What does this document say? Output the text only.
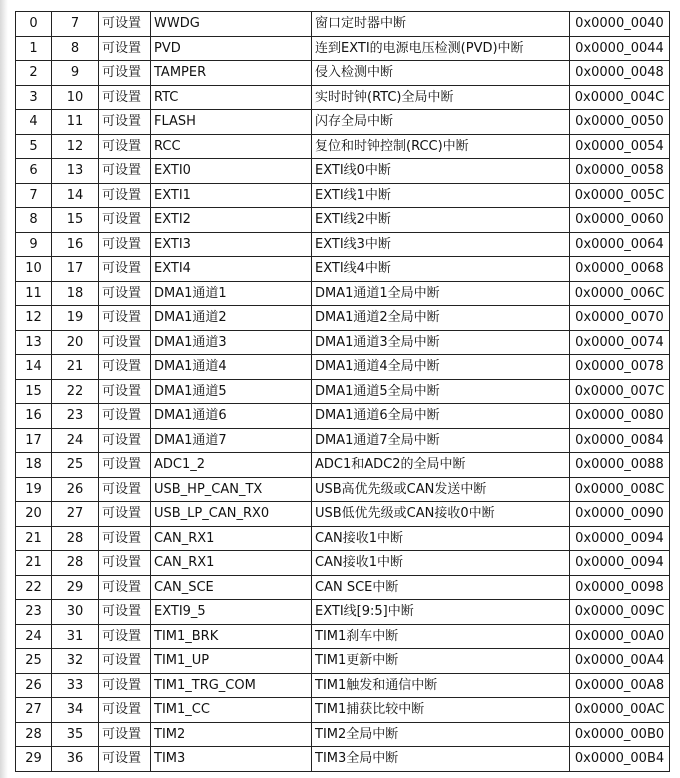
0	7	可设置	WWDG	窗口定时器中断	0x0000_0040
1	8	可设置	PVD	连到EXTI的电源电压检测(PVD)中断	0x0000_0044
2	9	可设置	TAMPER	侵入检测中断	0x0000_0048
3	10	可设置	RTC	实时时钟(RTC)全局中断	0x0000_004C
4	11	可设置	FLASH	闪存全局中断	0x0000_0050
5	12	可设置	RCC	复位和时钟控制(RCC)中断	0x0000_0054
6	13	可设置	EXTI0	EXTI线0中断	0x0000_0058
7	14	可设置	EXTI1	EXTI线1中断	0x0000_005C
8	15	可设置	EXTI2	EXTI线2中断	0x0000_0060
9	16	可设置	EXTI3	EXTI线3中断	0x0000_0064
10	17	可设置	EXTI4	EXTI线4中断	0x0000_0068
11	18	可设置	DMA1通道1	DMA1通道1全局中断	0x0000_006C
12	19	可设置	DMA1通道2	DMA1通道2全局中断	0x0000_0070
13	20	可设置	DMA1通道3	DMA1通道3全局中断	0x0000_0074
14	21	可设置	DMA1通道4	DMA1通道4全局中断	0x0000_0078
15	22	可设置	DMA1通道5	DMA1通道5全局中断	0x0000_007C
16	23	可设置	DMA1通道6	DMA1通道6全局中断	0x0000_0080
17	24	可设置	DMA1通道7	DMA1通道7全局中断	0x0000_0084
18	25	可设置	ADC1_2	ADC1和ADC2的全局中断	0x0000_0088
19	26	可设置	USB_HP_CAN_TX	USB高优先级或CAN发送中断	0x0000_008C
20	27	可设置	USB_LP_CAN_RX0	USB低优先级或CAN接收0中断	0x0000_0090
21	28	可设置	CAN_RX1	CAN接收1中断	0x0000_0094
21	28	可设置	CAN_RX1	CAN接收1中断	0x0000_0094
22	29	可设置	CAN_SCE	CAN SCE中断	0x0000_0098
23	30	可设置	EXTI9_5	EXTI线[9:5]中断	0x0000_009C
24	31	可设置	TIM1_BRK	TIM1刹车中断	0x0000_00A0
25	32	可设置	TIM1_UP	TIM1更新中断	0x0000_00A4
26	33	可设置	TIM1_TRG_COM	TIM1触发和通信中断	0x0000_00A8
27	34	可设置	TIM1_CC	TIM1捕获比较中断	0x0000_00AC
28	35	可设置	TIM2	TIM2全局中断	0x0000_00B0
29	36	可设置	TIM3	TIM3全局中断	0x0000_00B4
